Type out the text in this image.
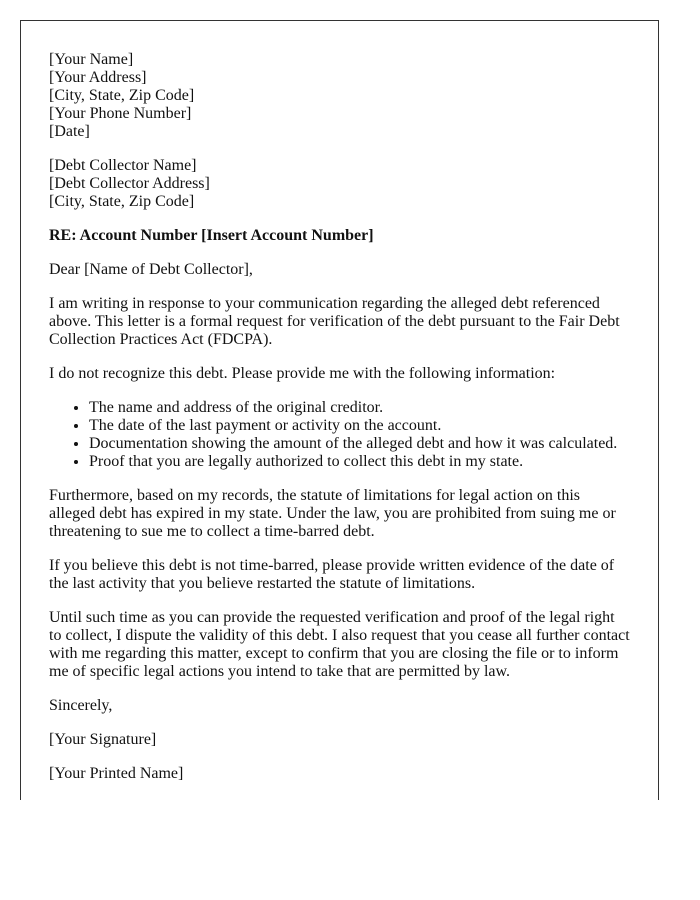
[Your Name]
[Your Address]
[City, State, Zip Code]
[Your Phone Number]
[Date]

[Debt Collector Name]
[Debt Collector Address]
[City, State, Zip Code]

RE: Account Number [Insert Account Number]

Dear [Name of Debt Collector],

I am writing in response to your communication regarding the alleged debt referenced above. This letter is a formal request for verification of the debt pursuant to the Fair Debt Collection Practices Act (FDCPA).

I do not recognize this debt. Please provide me with the following information:

• The name and address of the original creditor.
• The date of the last payment or activity on the account.
• Documentation showing the amount of the alleged debt and how it was calculated.
• Proof that you are legally authorized to collect this debt in my state.

Furthermore, based on my records, the statute of limitations for legal action on this alleged debt has expired in my state. Under the law, you are prohibited from suing me or threatening to sue me to collect a time-barred debt.

If you believe this debt is not time-barred, please provide written evidence of the date of the last activity that you believe restarted the statute of limitations.

Until such time as you can provide the requested verification and proof of the legal right to collect, I dispute the validity of this debt. I also request that you cease all further contact with me regarding this matter, except to confirm that you are closing the file or to inform me of specific legal actions you intend to take that are permitted by law.

Sincerely,

[Your Signature]

[Your Printed Name]
